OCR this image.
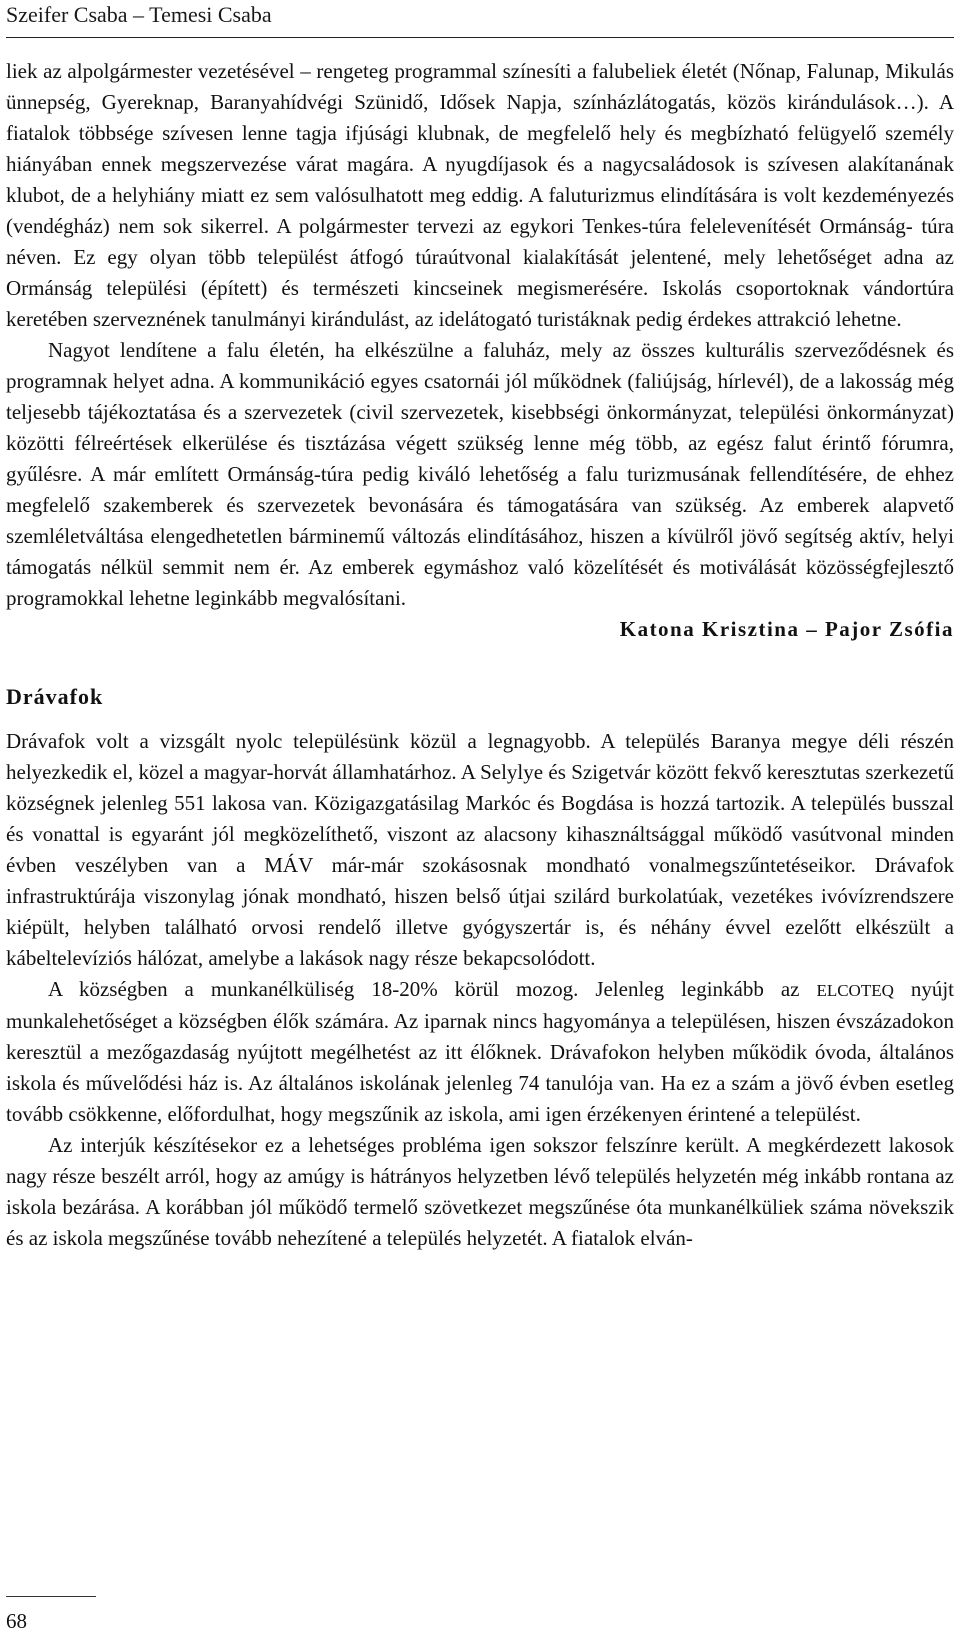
Szeifer Csaba – Temesi Csaba

liek az alpolgármester vezetésével – rengeteg programmal színesíti a falubeliek életét (Nőnap, Falunap, Mikulás ünnepség, Gyereknap, Baranyahídvégi Szünidő, Idősek Napja, színházlátogatás, közös kirándulások…). A fiatalok többsége szívesen lenne tagja ifjúsági klubnak, de megfelelő hely és megbízható felügyelő személy hiányában ennek megszervezése várat magára. A nyugdíjasok és a nagycsaládosok is szívesen alakítanának klubot, de a helyhiány miatt ez sem valósulhatott meg eddig. A faluturizmus elindítására is volt kezdeményezés (vendégház) nem sok sikerrel. A polgármester tervezi az egykori Tenkes-túra felelevenítését Ormánság- túra néven. Ez egy olyan több települést átfogó túraútvonal kialakítását jelentené, mely lehetőséget adna az Ormánság települési (épített) és természeti kincseinek megismerésére. Iskolás csoportoknak vándortúra keretében szerveznének tanulmányi kirándulást, az idelátogató turistáknak pedig érdekes attrakció lehetne.

Nagyot lendítene a falu életén, ha elkészülne a faluház, mely az összes kulturális szerveződésnek és programnak helyet adna. A kommunikáció egyes csatornái jól működnek (faliújság, hírlevél), de a lakosság még teljesebb tájékoztatása és a szervezetek (civil szervezetek, kisebbségi önkormányzat, települési önkormányzat) közötti félreértések elkerülése és tisztázása végett szükség lenne még több, az egész falut érintő fórumra, gyűlésre. A már említett Ormánság-túra pedig kiváló lehetőség a falu turizmusának fellendítésére, de ehhez megfelelő szakemberek és szervezetek bevonására és támogatására van szükség. Az emberek alapvető szemléletváltása elengedhetetlen bárminemű változás elindításához, hiszen a kívülről jövő segítség aktív, helyi támogatás nélkül semmit nem ér. Az emberek egymáshoz való közelítését és motiválását közösségfejlesztő programokkal lehetne leginkább megvalósítani.

Katona Krisztina – Pajor Zsófia

Drávafok

Drávafok volt a vizsgált nyolc településünk közül a legnagyobb. A település Baranya megye déli részén helyezkedik el, közel a magyar-horvát államhatárhoz. A Selylye és Szigetvár között fekvő keresztutas szerkezetű községnek jelenleg 551 lakosa van. Közigazgatásilag Markóc és Bogdása is hozzá tartozik. A település busszal és vonattal is egyaránt jól megközelíthető, viszont az alacsony kihasználtsággal működő vasútvonal minden évben veszélyben van a MÁV már-már szokásosnak mondható vonalmegszűntetéseikor. Drávafok infrastruktúrája viszonylag jónak mondható, hiszen belső útjai szilárd burkolatúak, vezetékes ivóvízrendszere kiépült, helyben található orvosi rendelő illetve gyógyszertár is, és néhány évvel ezelőtt elkészült a kábeltelevíziós hálózat, amelybe a lakások nagy része bekapcsolódott.

A községben a munkanélküliség 18-20% körül mozog. Jelenleg leginkább az ELCOTEQ nyújt munkalehetőséget a községben élők számára. Az iparnak nincs hagyománya a településen, hiszen évszázadokon keresztül a mezőgazdaság nyújtott megélhetést az itt élőknek. Drávafokon helyben működik óvoda, általános iskola és művelődési ház is. Az általános iskolának jelenleg 74 tanulója van. Ha ez a szám a jövő évben esetleg tovább csökkenne, előfordulhat, hogy megszűnik az iskola, ami igen érzékenyen érintené a települést.

Az interjúk készítésekor ez a lehetséges probléma igen sokszor felszínre került. A megkérdezett lakosok nagy része beszélt arról, hogy az amúgy is hátrányos helyzetben lévő település helyzetén még inkább rontana az iskola bezárása. A korábban jól működő termelő szövetkezet megszűnése óta munkanélküliek száma növekszik és az iskola megszűnése tovább nehezítené a település helyzetét. A fiatalok elván-

68
